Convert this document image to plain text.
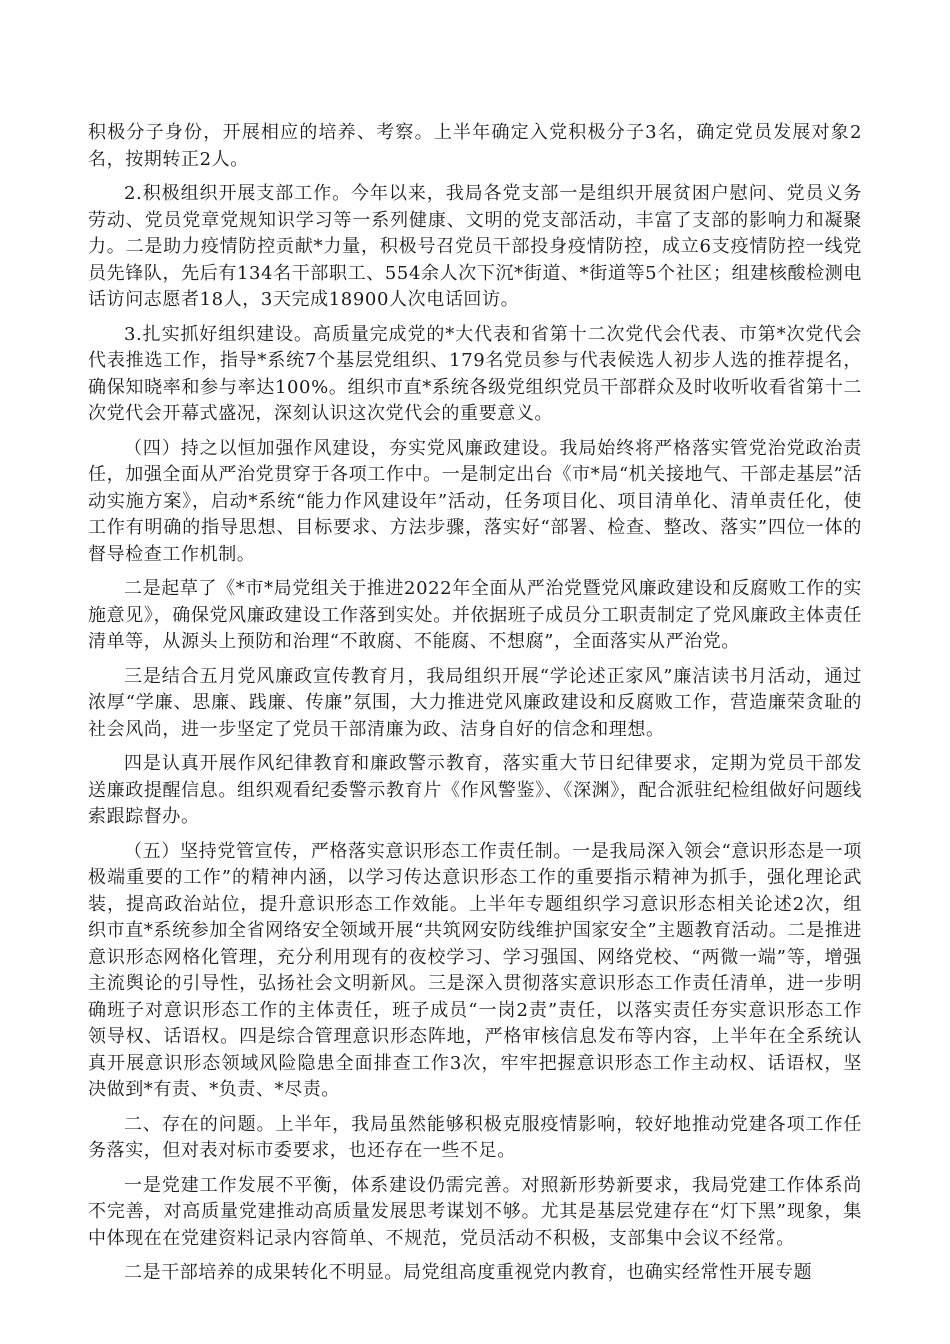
积极分子身份，开展相应的培养、考察。上半年确定入党积极分子3名，确定党员发展对象2名，按期转正2人。

2.积极组织开展支部工作。今年以来，我局各党支部一是组织开展贫困户慰问、党员义务劳动、党员党章党规知识学习等一系列健康、文明的党支部活动，丰富了支部的影响力和凝聚力。二是助力疫情防控贡献*力量，积极号召党员干部投身疫情防控，成立6支疫情防控一线党员先锋队，先后有134名干部职工、554余人次下沉*街道、*街道等5个社区；组建核酸检测电话访问志愿者18人，3天完成18900人次电话回访。

3.扎实抓好组织建设。高质量完成党的*大代表和省第十二次党代会代表、市第*次党代会代表推选工作，指导*系统7个基层党组织、179名党员参与代表候选人初步人选的推荐提名，确保知晓率和参与率达100%。组织市直*系统各级党组织党员干部群众及时收听收看省第十二次党代会开幕式盛况，深刻认识这次党代会的重要意义。

（四）持之以恒加强作风建设，夯实党风廉政建设。我局始终将严格落实管党治党政治责任，加强全面从严治党贯穿于各项工作中。一是制定出台《市*局“机关接地气、干部走基层”活动实施方案》，启动*系统“能力作风建设年”活动，任务项目化、项目清单化、清单责任化，使工作有明确的指导思想、目标要求、方法步骤，落实好“部署、检查、整改、落实”四位一体的督导检查工作机制。

二是起草了《*市*局党组关于推进2022年全面从严治党暨党风廉政建设和反腐败工作的实施意见》，确保党风廉政建设工作落到实处。并依据班子成员分工职责制定了党风廉政主体责任清单等，从源头上预防和治理“不敢腐、不能腐、不想腐”，全面落实从严治党。

三是结合五月党风廉政宣传教育月，我局组织开展“学论述正家风”廉洁读书月活动，通过浓厚“学廉、思廉、践廉、传廉”氛围，大力推进党风廉政建设和反腐败工作，营造廉荣贪耻的社会风尚，进一步坚定了党员干部清廉为政、洁身自好的信念和理想。

四是认真开展作风纪律教育和廉政警示教育，落实重大节日纪律要求，定期为党员干部发送廉政提醒信息。组织观看纪委警示教育片《作风警鉴》、《深渊》，配合派驻纪检组做好问题线索跟踪督办。

（五）坚持党管宣传，严格落实意识形态工作责任制。一是我局深入领会“意识形态是一项极端重要的工作”的精神内涵，以学习传达意识形态工作的重要指示精神为抓手，强化理论武装，提高政治站位，提升意识形态工作效能。上半年专题组织学习意识形态相关论述2次，组织市直*系统参加全省网络安全领域开展“共筑网安防线维护国家安全”主题教育活动。二是推进意识形态网格化管理，充分利用现有的夜校学习、学习强国、网络党校、“两微一端”等，增强主流舆论的引导性，弘扬社会文明新风。三是深入贯彻落实意识形态工作责任清单，进一步明确班子对意识形态工作的主体责任，班子成员“一岗2责”责任，以落实责任夯实意识形态工作领导权、话语权。四是综合管理意识形态阵地，严格审核信息发布等内容，上半年在全系统认真开展意识形态领域风险隐患全面排查工作3次，牢牢把握意识形态工作主动权、话语权，坚决做到*有责、*负责、*尽责。

二、存在的问题。上半年，我局虽然能够积极克服疫情影响，较好地推动党建各项工作任务落实，但对表对标市委要求，也还存在一些不足。

一是党建工作发展不平衡，体系建设仍需完善。对照新形势新要求，我局党建工作体系尚不完善，对高质量党建推动高质量发展思考谋划不够。尤其是基层党建存在“灯下黑”现象，集中体现在在党建资料记录内容简单、不规范，党员活动不积极，支部集中会议不经常。

二是干部培养的成果转化不明显。局党组高度重视党内教育，也确实经常性开展专题
